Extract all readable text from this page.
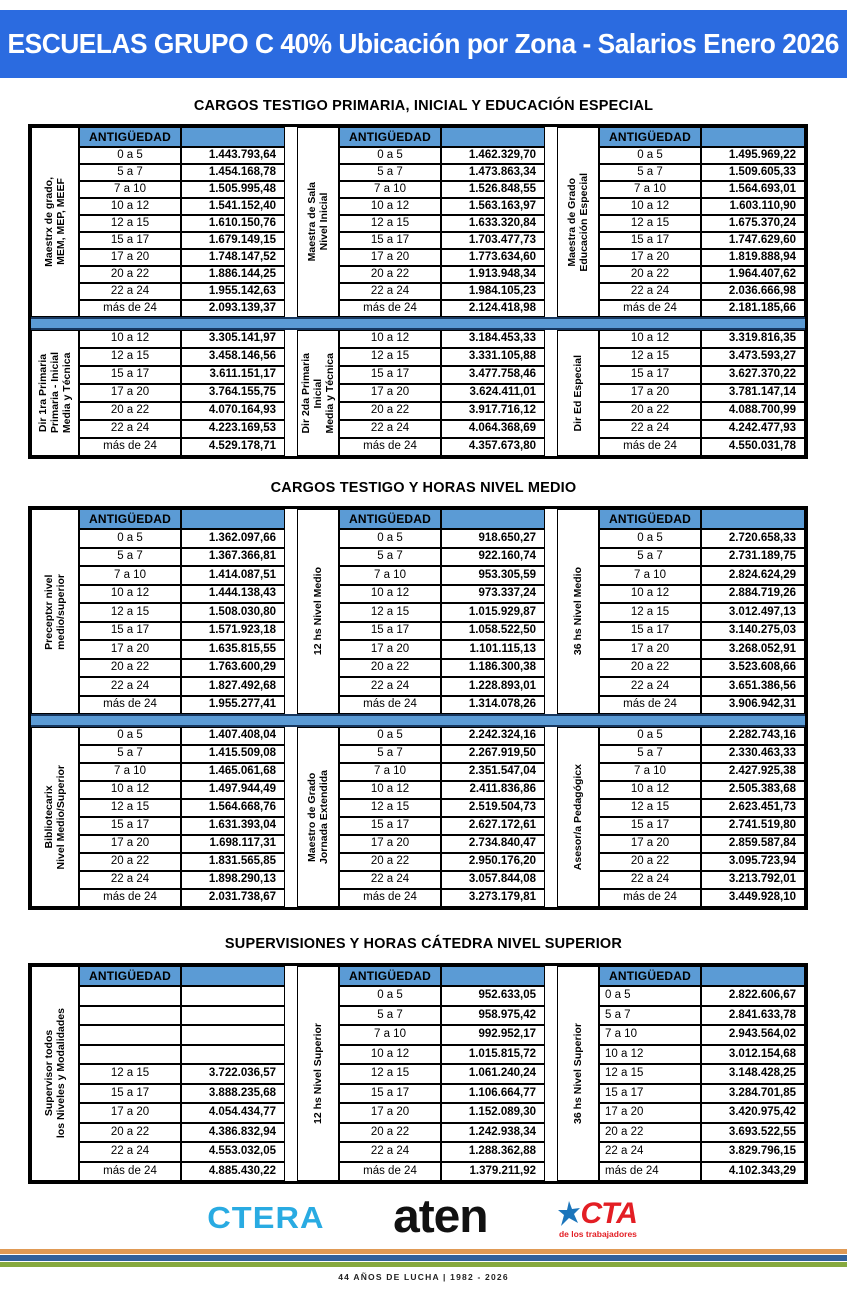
ESCUELAS GRUPO C 40% Ubicación por Zona - Salarios Enero 2026
CARGOS TESTIGO PRIMARIA, INICIAL Y EDUCACIÓN ESPECIAL
Maestrx de grado,
MEM, MEP, MEEF
ANTIGÜEDAD
0 a 5	1.443.793,64
5 a 7	1.454.168,78
7 a 10	1.505.995,48
10 a 12	1.541.152,40
12 a 15	1.610.150,76
15 a 17	1.679.149,15
17 a 20	1.748.147,52
20 a 22	1.886.144,25
22 a 24	1.955.142,63
más de 24	2.093.139,37
Maestra de Sala
Nivel Inicial
ANTIGÜEDAD
0 a 5	1.462.329,70
5 a 7	1.473.863,34
7 a 10	1.526.848,55
10 a 12	1.563.163,97
12 a 15	1.633.320,84
15 a 17	1.703.477,73
17 a 20	1.773.634,60
20 a 22	1.913.948,34
22 a 24	1.984.105,23
más de 24	2.124.418,98
Maestra de Grado
Educación Especial
ANTIGÜEDAD
0 a 5	1.495.969,22
5 a 7	1.509.605,33
7 a 10	1.564.693,01
10 a 12	1.603.110,90
12 a 15	1.675.370,24
15 a 17	1.747.629,60
17 a 20	1.819.888,94
20 a 22	1.964.407,62
22 a 24	2.036.666,98
más de 24	2.181.185,66
Dir 1ra Primaria
Primaria - Inicial
Media y Técnica
10 a 12	3.305.141,97
12 a 15	3.458.146,56
15 a 17	3.611.151,17
17 a 20	3.764.155,75
20 a 22	4.070.164,93
22 a 24	4.223.169,53
más de 24	4.529.178,71
Dir 2da Primaria
Inicial
Media y Técnica
10 a 12	3.184.453,33
12 a 15	3.331.105,88
15 a 17	3.477.758,46
17 a 20	3.624.411,01
20 a 22	3.917.716,12
22 a 24	4.064.368,69
más de 24	4.357.673,80
Dir Ed Especial
10 a 12	3.319.816,35
12 a 15	3.473.593,27
15 a 17	3.627.370,22
17 a 20	3.781.147,14
20 a 22	4.088.700,99
22 a 24	4.242.477,93
más de 24	4.550.031,78
CARGOS TESTIGO Y HORAS NIVEL MEDIO
Preceptxr nivel
medio/superior
ANTIGÜEDAD
0 a 5	1.362.097,66
5 a 7	1.367.366,81
7 a 10	1.414.087,51
10 a 12	1.444.138,43
12 a 15	1.508.030,80
15 a 17	1.571.923,18
17 a 20	1.635.815,55
20 a 22	1.763.600,29
22 a 24	1.827.492,68
más de 24	1.955.277,41
12 hs Nivel Medio
ANTIGÜEDAD
0 a 5	918.650,27
5 a 7	922.160,74
7 a 10	953.305,59
10 a 12	973.337,24
12 a 15	1.015.929,87
15 a 17	1.058.522,50
17 a 20	1.101.115,13
20 a 22	1.186.300,38
22 a 24	1.228.893,01
más de 24	1.314.078,26
36 hs Nivel Medio
ANTIGÜEDAD
0 a 5	2.720.658,33
5 a 7	2.731.189,75
7 a 10	2.824.624,29
10 a 12	2.884.719,26
12 a 15	3.012.497,13
15 a 17	3.140.275,03
17 a 20	3.268.052,91
20 a 22	3.523.608,66
22 a 24	3.651.386,56
más de 24	3.906.942,31
Bibliotecarix
Nivel Medio/Superior
0 a 5	1.407.408,04
5 a 7	1.415.509,08
7 a 10	1.465.061,68
10 a 12	1.497.944,49
12 a 15	1.564.668,76
15 a 17	1.631.393,04
17 a 20	1.698.117,31
20 a 22	1.831.565,85
22 a 24	1.898.290,13
más de 24	2.031.738,67
Maestro de Grado
Jornada Extendida
0 a 5	2.242.324,16
5 a 7	2.267.919,50
7 a 10	2.351.547,04
10 a 12	2.411.836,86
12 a 15	2.519.504,73
15 a 17	2.627.172,61
17 a 20	2.734.840,47
20 a 22	2.950.176,20
22 a 24	3.057.844,08
más de 24	3.273.179,81
Asesor/a Pedagógicx
0 a 5	2.282.743,16
5 a 7	2.330.463,33
7 a 10	2.427.925,38
10 a 12	2.505.383,68
12 a 15	2.623.451,73
15 a 17	2.741.519,80
17 a 20	2.859.587,84
20 a 22	3.095.723,94
22 a 24	3.213.792,01
más de 24	3.449.928,10
SUPERVISIONES Y HORAS CÁTEDRA NIVEL SUPERIOR
Supervisor todos
los Niveles y Modalidades
ANTIGÜEDAD
12 a 15	3.722.036,57
15 a 17	3.888.235,68
17 a 20	4.054.434,77
20 a 22	4.386.832,94
22 a 24	4.553.032,05
más de 24	4.885.430,22
12 hs Nivel Superior
ANTIGÜEDAD
0 a 5	952.633,05
5 a 7	958.975,42
7 a 10	992.952,17
10 a 12	1.015.815,72
12 a 15	1.061.240,24
15 a 17	1.106.664,77
17 a 20	1.152.089,30
20 a 22	1.242.938,34
22 a 24	1.288.362,88
más de 24	1.379.211,92
36 hs Nivel Superior
ANTIGÜEDAD
0 a 5	2.822.606,67
5 a 7	2.841.633,78
7 a 10	2.943.564,02
10 a 12	3.012.154,68
12 a 15	3.148.428,25
15 a 17	3.284.701,85
17 a 20	3.420.975,42
20 a 22	3.693.522,55
22 a 24	3.829.796,15
más de 24	4.102.343,29
CTERA aten	CTA
de los trabajadores
44 AÑOS DE LUCHA | 1982 - 2026
